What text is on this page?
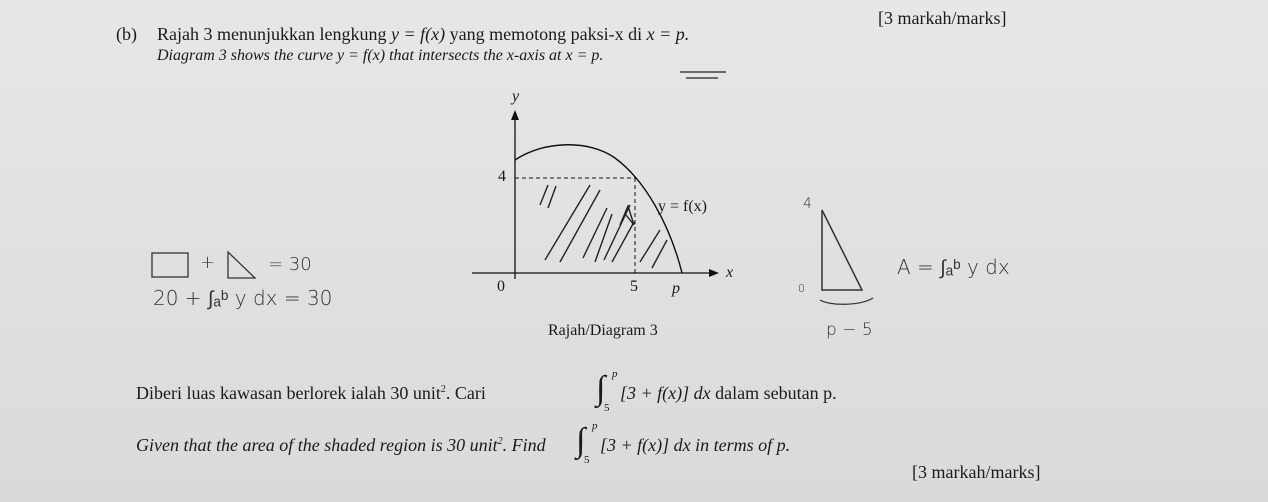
[3 markah/marks]
(b) Rajah 3 menunjukkan lengkung y = f(x) yang memotong paksi-x di x = p.
Diagram 3 shows the curve y = f(x) that intersects the x-axis at x = p.
y
4
y = f(x)
x
0	5 p
Rajah/Diagram 3
+	= 30
20 + ∫ₐᵇ y dx = 30
4
0
p − 5
A = ∫ₐᵇ y dx
Diberi luas kawasan berlorek ialah 30 unit$^2$. Cari	∫ p
5
[3 + f(x)] dx dalam sebutan p.
Given that the area of the shaded region is 30 unit$^2$. Find ∫ p
5
[3 + f(x)] dx in terms of p.
[3 markah/marks]
